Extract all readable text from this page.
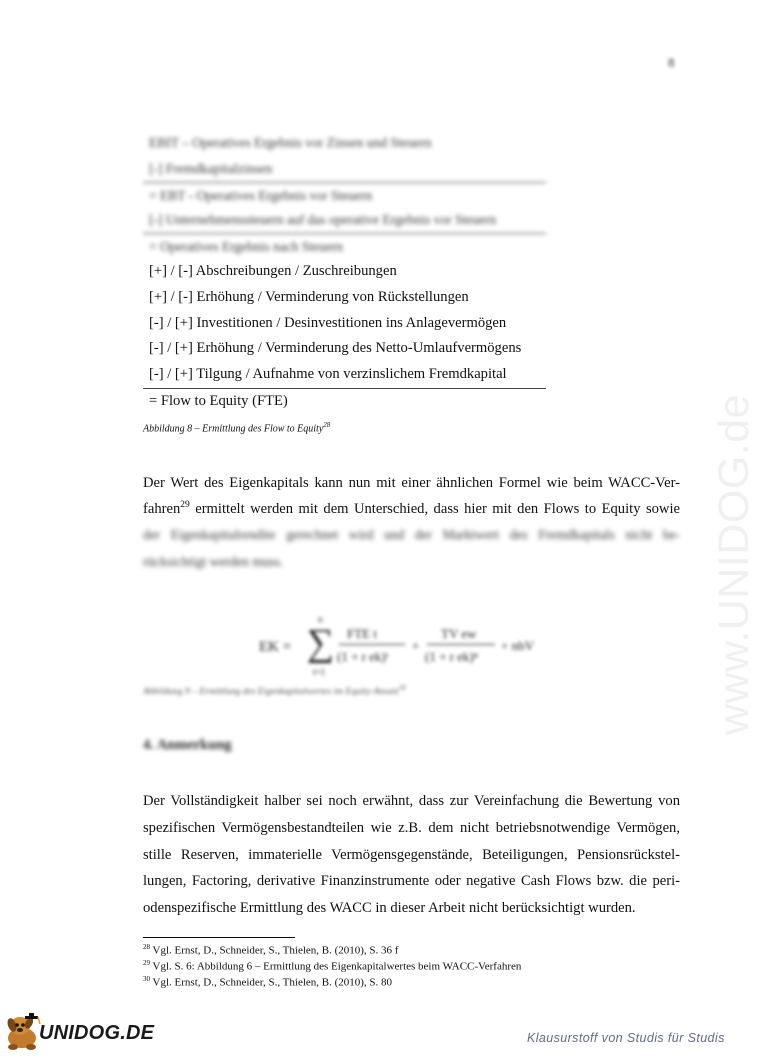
8
EBIT – Operatives Ergebnis vor Zinsen und Steuern
[-] Fremdkapitalzinsen
= EBT - Operatives Ergebnis vor Steuern
[-] Unternehmenssteuern auf das operative Ergebnis vor Steuern
= Operatives Ergebnis nach Steuern
[+] / [-] Abschreibungen / Zuschreibungen
[+] / [-] Erhöhung / Verminderung von Rückstellungen
[-] / [+] Investitionen / Desinvestitionen ins Anlagevermögen
[-] / [+] Erhöhung / Verminderung des Netto-Umlaufvermögens
[-] / [+] Tilgung / Aufnahme von verzinslichem Fremdkapital
= Flow to Equity (FTE)
Abbildung 8 – Ermittlung des Flow to Equity$^{28}$
Der Wert des Eigenkapitals kann nun mit einer ähnlichen Formel wie beim WACC-Ver-
fahren$^{29}$ ermittelt werden mit dem Unterschied, dass hier mit den Flows to Equity sowie
der Eigenkapitalrendite gerechnet wird und der Marktwert des Fremdkapitals nicht be-
rücksichtigt werden muss.
EK =
n
∑
t=1
FTE t
(1 + r ek)ᵗ
+
TV ew
(1 + r ek)ⁿ
+ nbV
Abbildung 9 – Ermittlung des Eigenkapitalwertes im Equity-Ansatz$^{30}$
4. Anmerkung
Der Vollständigkeit halber sei noch erwähnt, dass zur Vereinfachung die Bewertung von
spezifischen Vermögensbestandteilen wie z.B. dem nicht betriebsnotwendige Vermögen,
stille Reserven, immaterielle Vermögensgegenstände, Beteiligungen, Pensionsrückstel-
lungen, Factoring, derivative Finanzinstrumente oder negative Cash Flows bzw. die peri-
odenspezifische Ermittlung des WACC in dieser Arbeit nicht berücksichtigt wurden.
$^{28}$ Vgl. Ernst, D., Schneider, S., Thielen, B. (2010), S. 36 f
$^{29}$ Vgl. S. 6: Abbildung 6 – Ermittlung des Eigenkapitalwertes beim WACC-Verfahren
$^{30}$ Vgl. Ernst, D., Schneider, S., Thielen, B. (2010), S. 80
www.UNIDOG.de
UNIDOG.DE	Klausurstoff von Studis für Studis
